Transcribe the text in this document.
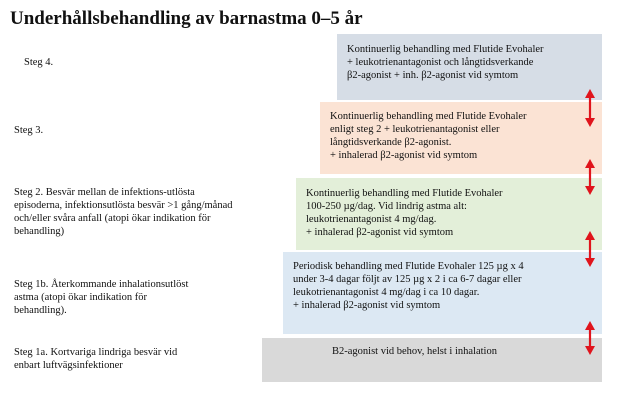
Underhållsbehandling av barnastma 0–5 år
Steg 4.
Steg 3.
Steg 2. Besvär mellan de infektions-utlösta
episoderna, infektionsutlösta besvär >1 gång/månad
och/eller svåra anfall (atopi ökar indikation för
behandling)
Steg 1b. Återkommande inhalationsutlöst
astma (atopi ökar indikation för
behandling).
Steg 1a. Kortvariga lindriga besvär vid
enbart luftvägsinfektioner
Kontinuerlig behandling med Flutide Evohaler
+ leukotrienantagonist och långtidsverkande
β2-agonist + inh. β2-agonist vid symtom
Kontinuerlig behandling med Flutide Evohaler
enligt steg 2 + leukotrienantagonist eller
långtidsverkande β2-agonist.
+ inhalerad β2-agonist vid symtom
Kontinuerlig behandling med Flutide Evohaler
100-250 µg/dag. Vid lindrig astma alt:
leukotrienantagonist 4 mg/dag.
+ inhalerad β2-agonist vid symtom
Periodisk behandling med Flutide Evohaler 125 µg x 4
under 3-4 dagar följt av 125 µg x 2 i ca 6-7 dagar eller
leukotrienantagonist 4 mg/dag i ca 10 dagar.
+ inhalerad β2-agonist vid symtom
B2-agonist vid behov, helst i inhalation
